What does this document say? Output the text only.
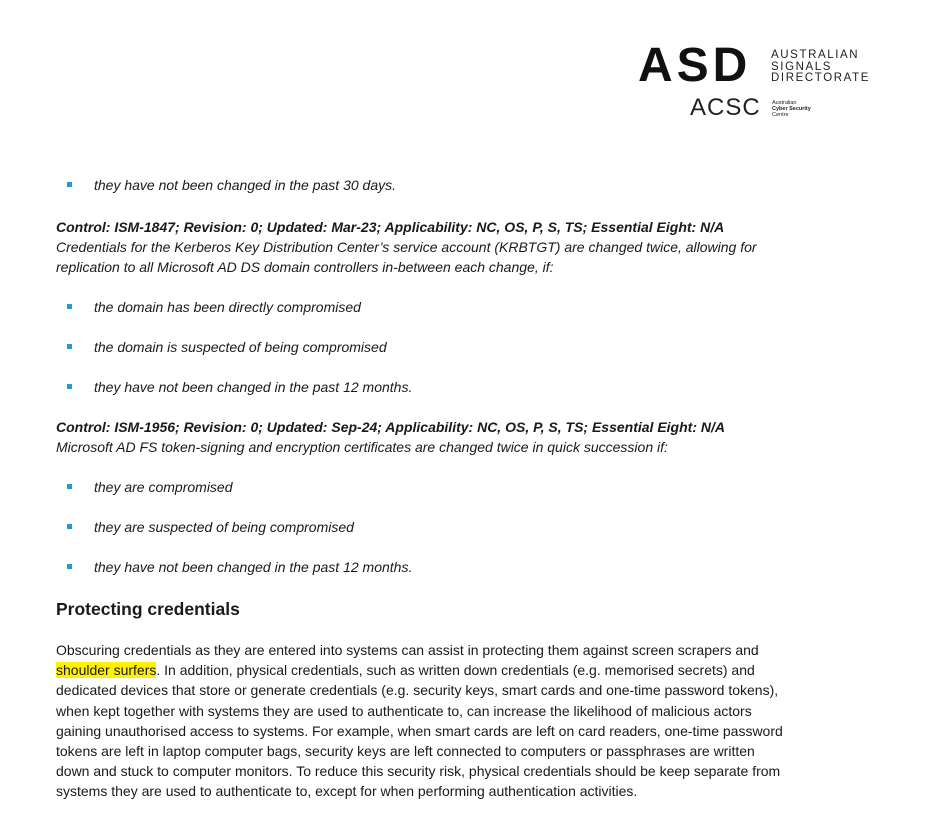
ASD AUSTRALIAN
SIGNALS
DIRECTORATE
ACSC Australian
Cyber Security
Centre

they have not been changed in the past 30 days.

Control: ISM-1847; Revision: 0; Updated: Mar-23; Applicability: NC, OS, P, S, TS; Essential Eight: N/A

Credentials for the Kerberos Key Distribution Center’s service account (KRBTGT) are changed twice, allowing for

replication to all Microsoft AD DS domain controllers in-between each change, if:

the domain has been directly compromised

the domain is suspected of being compromised

they have not been changed in the past 12 months.

Control: ISM-1956; Revision: 0; Updated: Sep-24; Applicability: NC, OS, P, S, TS; Essential Eight: N/A

Microsoft AD FS token-signing and encryption certificates are changed twice in quick succession if:

they are compromised

they are suspected of being compromised

they have not been changed in the past 12 months.

Protecting credentials

Obscuring credentials as they are entered into systems can assist in protecting them against screen scrapers and

shoulder surfers. In addition, physical credentials, such as written down credentials (e.g. memorised secrets) and

dedicated devices that store or generate credentials (e.g. security keys, smart cards and one-time password tokens),

when kept together with systems they are used to authenticate to, can increase the likelihood of malicious actors

gaining unauthorised access to systems. For example, when smart cards are left on card readers, one-time password

tokens are left in laptop computer bags, security keys are left connected to computers or passphrases are written

down and stuck to computer monitors. To reduce this security risk, physical credentials should be keep separate from

systems they are used to authenticate to, except for when performing authentication activities.
